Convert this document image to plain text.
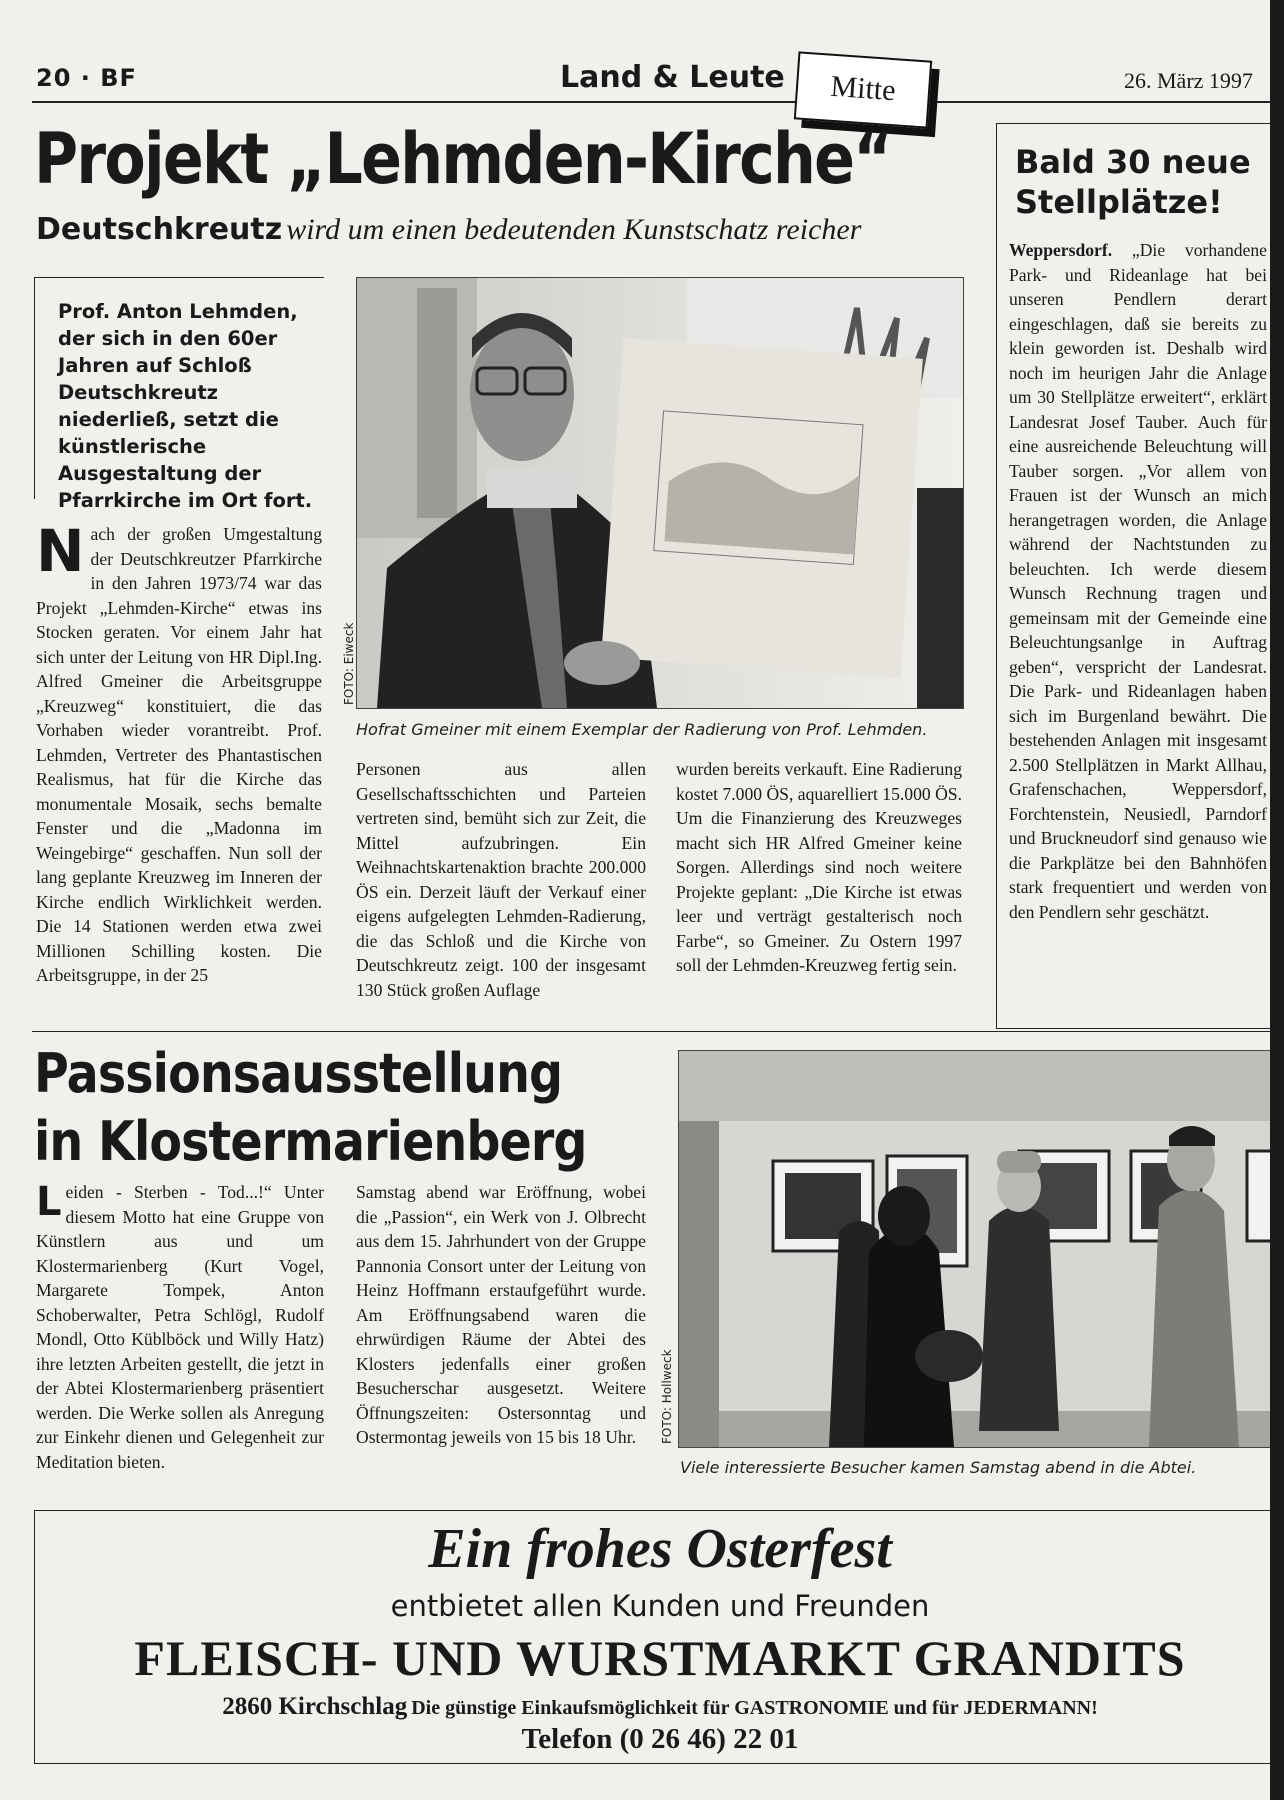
20 · BF	Land & Leute	26. März 1997
Mitte
Projekt „Lehmden-Kirche“
Deutschkreutz wird um einen bedeutenden Kunstschatz reicher
Prof. Anton Lehmden, der sich in den 60er Jahren auf Schloß Deutschkreutz niederließ, setzt die künstlerische Ausgestaltung der Pfarrkirche im Ort fort.
Nach der großen Umgestaltung der Deutschkreutzer Pfarrkirche in den Jahren 1973/74 war das Projekt „Lehmden-Kirche“ etwas ins Stocken geraten. Vor einem Jahr hat sich unter der Leitung von HR Dipl.Ing. Alfred Gmeiner die Arbeitsgruppe „Kreuzweg“ konstituiert, die das Vorhaben wieder vorantreibt. Prof. Lehmden, Vertreter des Phantastischen Realismus, hat für die Kirche das monumentale Mosaik, sechs bemalte Fenster und die „Madonna im Weingebirge“ geschaffen. Nun soll der lang geplante Kreuzweg im Inneren der Kirche endlich Wirklichkeit werden. Die 14 Stationen werden etwa zwei Millionen Schilling kosten. Die Arbeitsgruppe, in der 25
FOTO: Eiweck
Hofrat Gmeiner mit einem Exemplar der Radierung von Prof. Lehmden.
Personen aus allen Gesellschaftsschichten und Parteien vertreten sind, bemüht sich zur Zeit, die Mittel aufzubringen. Ein Weihnachtskartenaktion brachte 200.000 ÖS ein. Derzeit läuft der Verkauf einer eigens aufgelegten Lehmden-Radierung, die das Schloß und die Kirche von Deutschkreutz zeigt. 100 der insgesamt 130 Stück großen Auflage
wurden bereits verkauft. Eine Radierung kostet 7.000 ÖS, aquarelliert 15.000 ÖS. Um die Finanzierung des Kreuzweges macht sich HR Alfred Gmeiner keine Sorgen. Allerdings sind noch weitere Projekte geplant: „Die Kirche ist etwas leer und verträgt gestalterisch noch Farbe“, so Gmeiner. Zu Ostern 1997 soll der Lehmden-Kreuzweg fertig sein.
Bald 30 neue Stellplätze!
Weppersdorf. „Die vorhandene Park- und Rideanlage hat bei unseren Pendlern derart eingeschlagen, daß sie bereits zu klein geworden ist. Deshalb wird noch im heurigen Jahr die Anlage um 30 Stellplätze erweitert“, erklärt Landesrat Josef Tauber. Auch für eine ausreichende Beleuchtung will Tauber sorgen. „Vor allem von Frauen ist der Wunsch an mich herangetragen worden, die Anlage während der Nachtstunden zu beleuchten. Ich werde diesem Wunsch Rechnung tragen und gemeinsam mit der Gemeinde eine Beleuchtungsanlge in Auftrag geben“, verspricht der Landesrat. Die Park- und Rideanlagen haben sich im Burgenland bewährt. Die bestehenden Anlagen mit insgesamt 2.500 Stellplätzen in Markt Allhau, Grafenschachen, Weppersdorf, Forchtenstein, Neusiedl, Parndorf und Bruckneudorf sind genauso wie die Parkplätze bei den Bahnhöfen stark frequentiert und werden von den Pendlern sehr geschätzt.
Passionsausstellung
in Klostermarienberg
Leiden - Sterben - Tod...!“ Unter diesem Motto hat eine Gruppe von Künstlern aus und um Klostermarienberg (Kurt Vogel, Margarete Tompek, Anton Schoberwalter, Petra Schlögl, Rudolf Mondl, Otto Küblböck und Willy Hatz) ihre letzten Arbeiten gestellt, die jetzt in der Abtei Klostermarienberg präsentiert werden. Die Werke sollen als Anregung zur Einkehr dienen und Gelegenheit zur Meditation bieten.
Samstag abend war Eröffnung, wobei die „Passion“, ein Werk von J. Olbrecht aus dem 15. Jahrhundert von der Gruppe Pannonia Consort unter der Leitung von Heinz Hoffmann erstaufgeführt wurde. Am Eröffnungsabend waren die ehrwürdigen Räume der Abtei des Klosters jedenfalls einer großen Besucherschar ausgesetzt. Weitere Öffnungszeiten: Ostersonntag und Ostermontag jeweils von 15 bis 18 Uhr.	FOTO: Hollweck
Viele interessierte Besucher kamen Samstag abend in die Abtei.
Ein frohes Osterfest
entbietet allen Kunden und Freunden
FLEISCH- UND WURSTMARKT GRANDITS
2860 Kirchschlag Die günstige Einkaufsmöglichkeit für GASTRONOMIE und für JEDERMANN!
Telefon (0 26 46) 22 01
